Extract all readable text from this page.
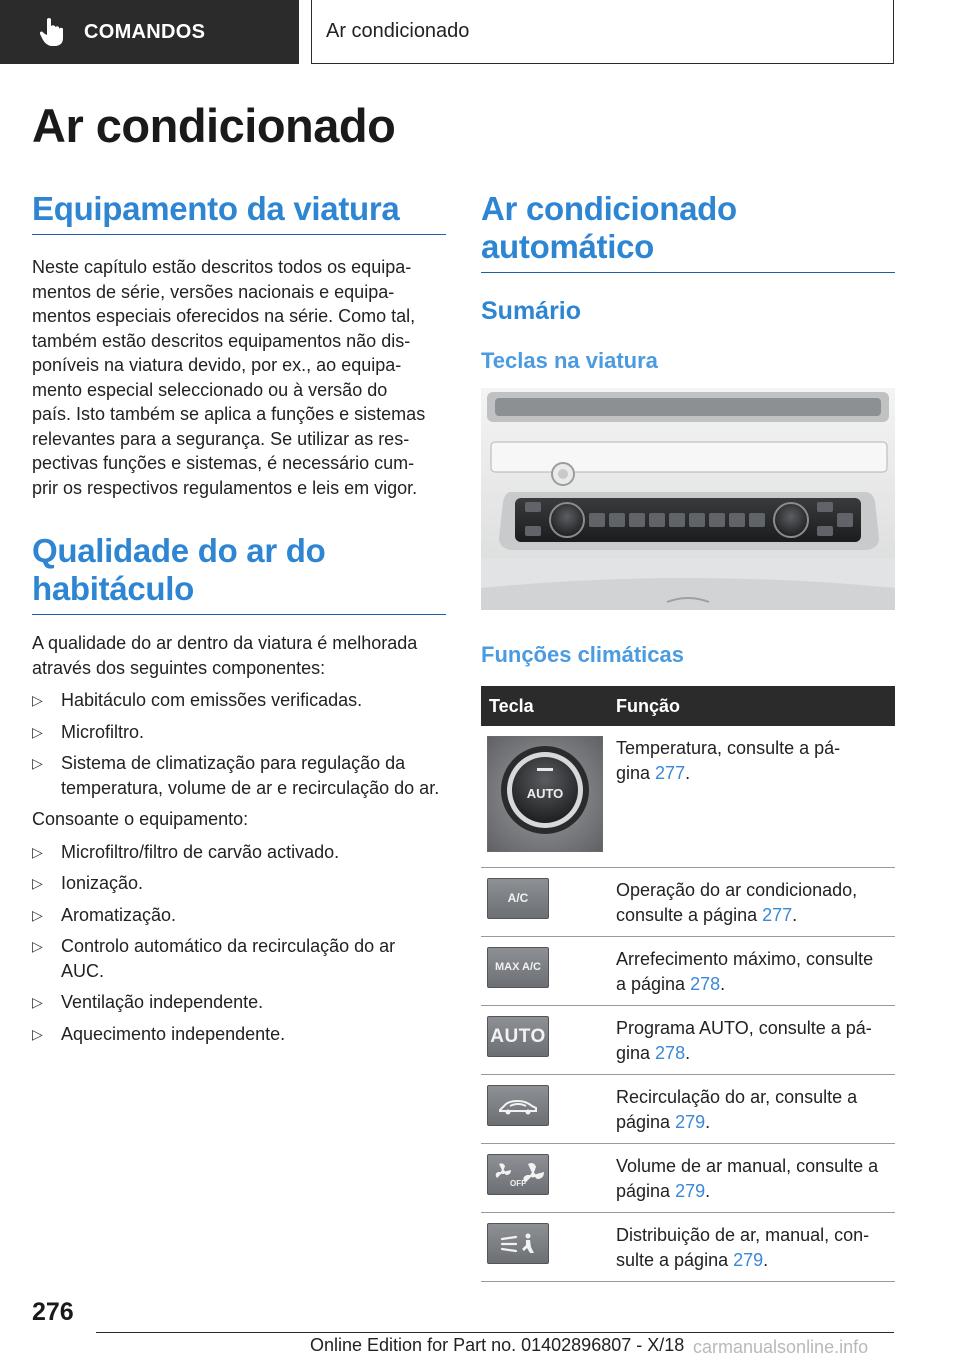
COMANDOS	Ar condicionado
Ar condicionado
Equipamento da viatura

Neste capítulo estão descritos todos os equipa‐
mentos de série, versões nacionais e equipa‐
mentos especiais oferecidos na série. Como tal,
também estão descritos equipamentos não dis‐
poníveis na viatura devido, por ex., ao equipa‐
mento especial seleccionado ou à versão do
país. Isto também se aplica a funções e sistemas
relevantes para a segurança. Se utilizar as res‐
pectivas funções e sistemas, é necessário cum‐
prir os respectivos regulamentos e leis em vigor.

Qualidade do ar do
habitáculo

A qualidade do ar dentro da viatura é melhorada
através dos seguintes componentes:

▷ Habitáculo com emissões verificadas.
▷ Microfiltro.
▷ Sistema de climatização para regulação da temperatura, volume de ar e recirculação do ar.

Consoante o equipamento:

▷ Microfiltro/filtro de carvão activado.
▷ Ionização.
▷ Aromatização.
▷ Controlo automático da recirculação do ar AUC.
▷ Ventilação independente.
▷ Aquecimento independente.
Ar condicionado
automático
Sumário
Teclas na viatura
Funções climáticas
Tecla	Função

AUTO	Temperatura, consulte a pá‐
gina 277.

A/C	Operação do ar condicionado,
consulte a página 277.

MAX A/C	Arrefecimento máximo, consulte
a página 278.

AUTO	Programa AUTO, consulte a pá‐
gina 278.

	Recirculação do ar, consulte a
página 279.

OFF	Volume de ar manual, consulte a
página 279.

	Distribuição de ar, manual, con‐
sulte a página 279.

276

Online Edition for Part no. 01402896807 - X/18 carmanualsonline.info
